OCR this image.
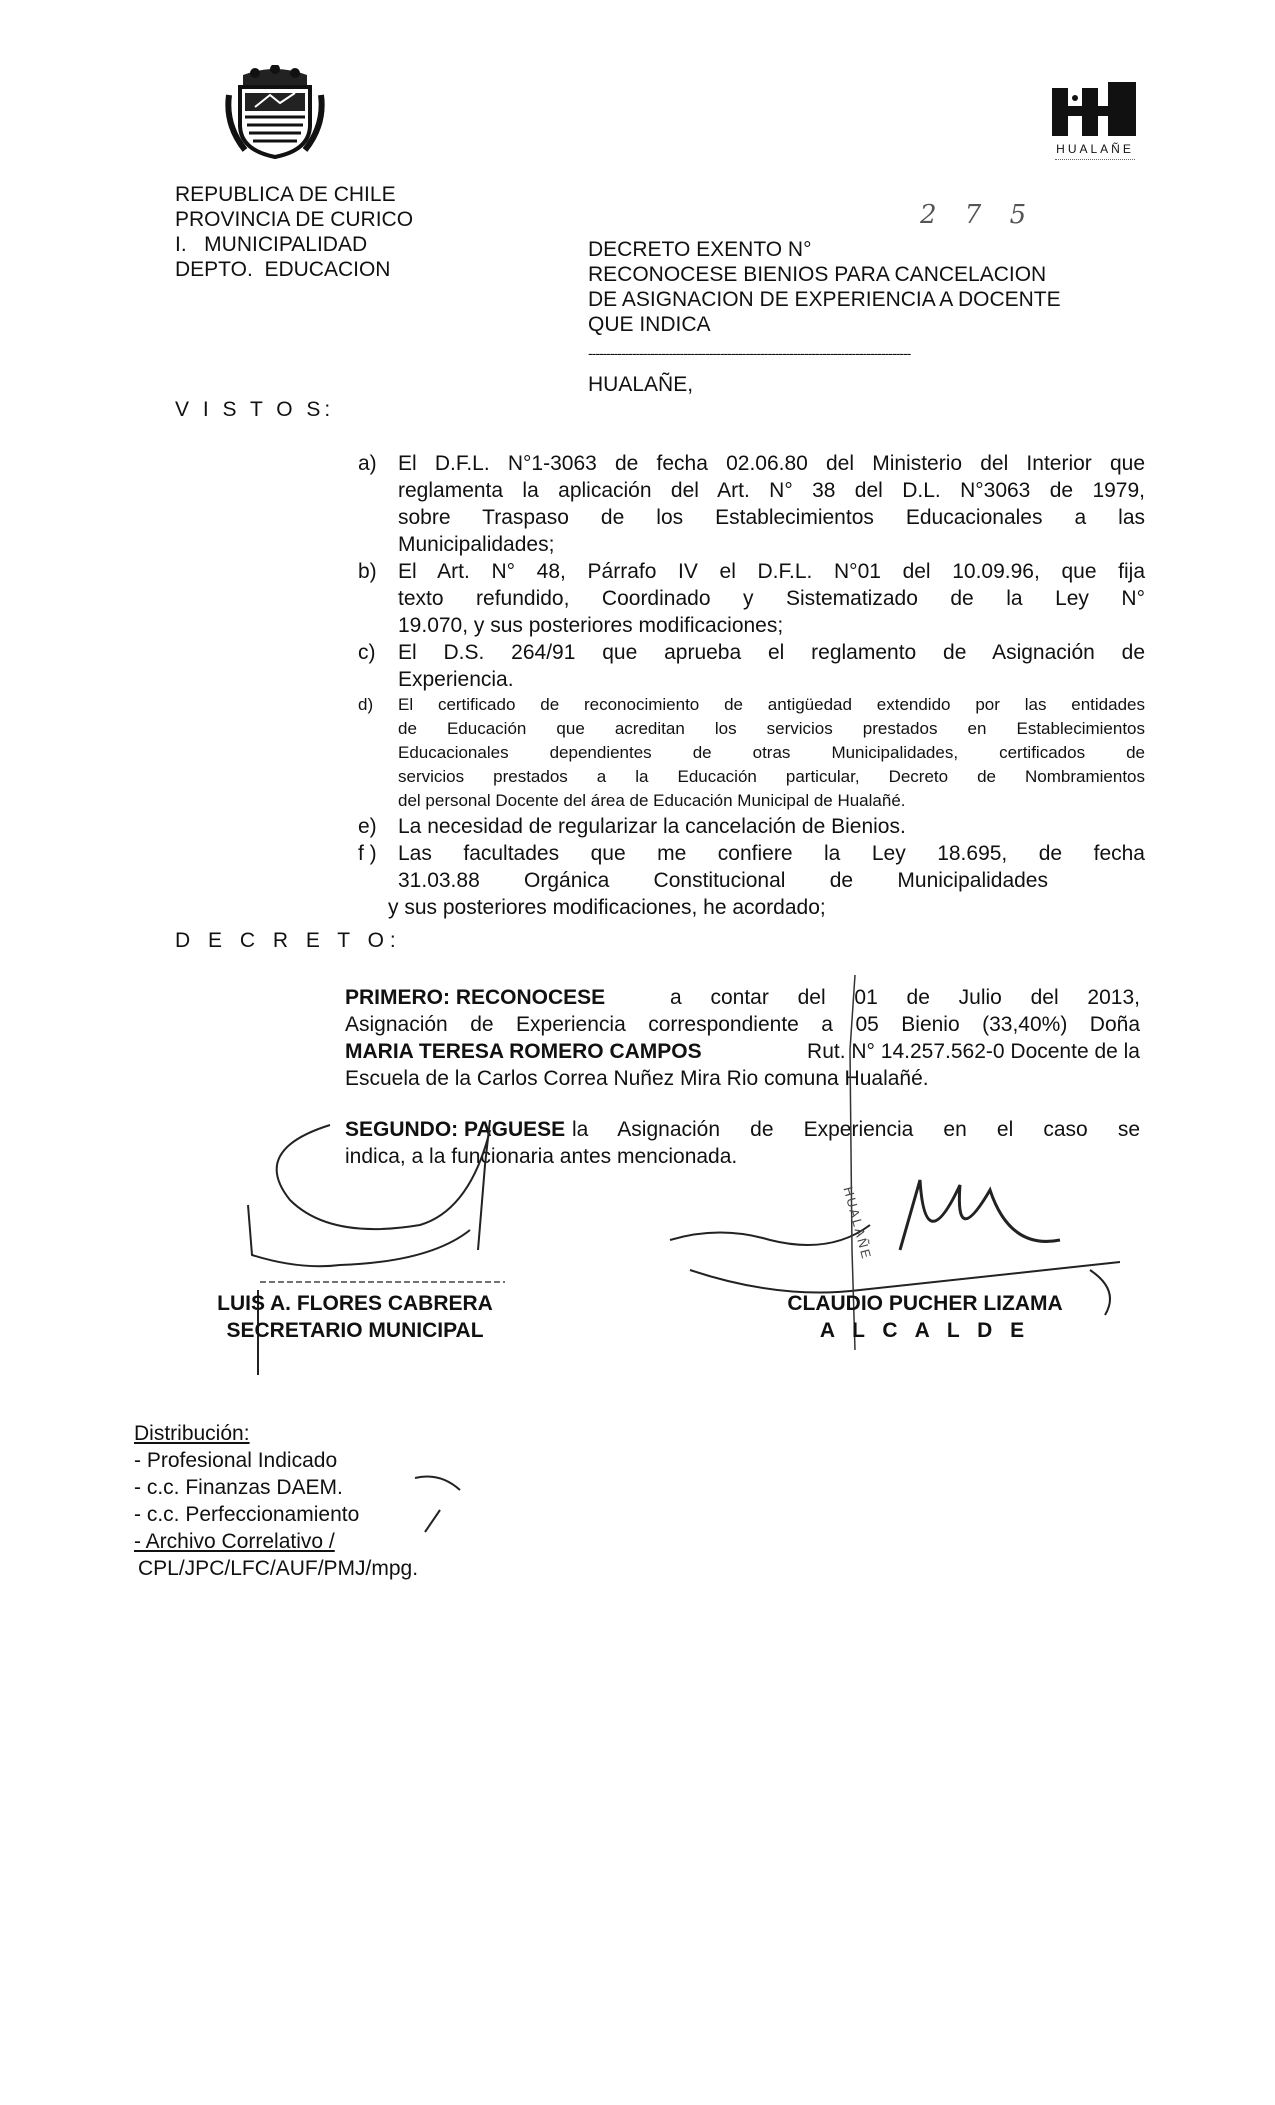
HUALAÑE
REPUBLICA DE CHILE
PROVINCIA DE CURICO
I.   MUNICIPALIDAD
DEPTO.  EDUCACION
2 7 5
DECRETO EXENTO N°
RECONOCESE BIENIOS PARA CANCELACION
DE ASIGNACION DE EXPERIENCIA A DOCENTE
QUE INDICA
----------------------------------------------------------------------------------------
HUALAÑE,
V I S T O S:
a) El D.F.L. N°1-3063 de fecha 02.06.80 del Ministerio del Interior que
reglamenta la aplicación del Art. N° 38 del D.L. N°3063 de 1979,
sobre Traspaso de los Establecimientos Educacionales a las
Municipalidades;
b) El Art. N° 48, Párrafo IV el D.F.L. N°01 del 10.09.96, que fija
texto refundido, Coordinado y Sistematizado de la Ley N°
19.070, y sus posteriores modificaciones;
c) El D.S. 264/91 que aprueba el reglamento de Asignación de
Experiencia.
d) El certificado de reconocimiento de antigüedad extendido por las entidades
de Educación que acreditan los servicios prestados en Establecimientos
Educacionales dependientes de otras Municipalidades, certificados de
servicios prestados a la Educación particular, Decreto de Nombramientos
del personal Docente del área de Educación Municipal de Hualañé.
e) La necesidad de regularizar la cancelación de Bienios.
f ) Las facultades que me confiere la Ley 18.695, de fecha
31.03.88 Orgánica Constitucional de Municipalidades
y sus posteriores modificaciones, he acordado;
D E C R E T O:
PRIMERO: RECONOCESE	a contar del 01 de Julio del 2013,
Asignación de Experiencia correspondiente a 05 Bienio (33,40%) Doña
MARIA TERESA ROMERO CAMPOS	Rut. N° 14.257.562-0 Docente de la
Escuela de la Carlos Correa Nuñez Mira Rio comuna Hualañé.
SEGUNDO: PAGUESE la Asignación de Experiencia en el caso se
indica, a la funcionaria antes mencionada.
HUALAÑE
LUIS A. FLORES CABRERA
SECRETARIO MUNICIPAL
CLAUDIO PUCHER LIZAMA
A L C A L D E
Distribución:
- Profesional Indicado
- c.c. Finanzas DAEM.
- c.c. Perfeccionamiento
- Archivo Correlativo /
CPL/JPC/LFC/AUF/PMJ/mpg.
